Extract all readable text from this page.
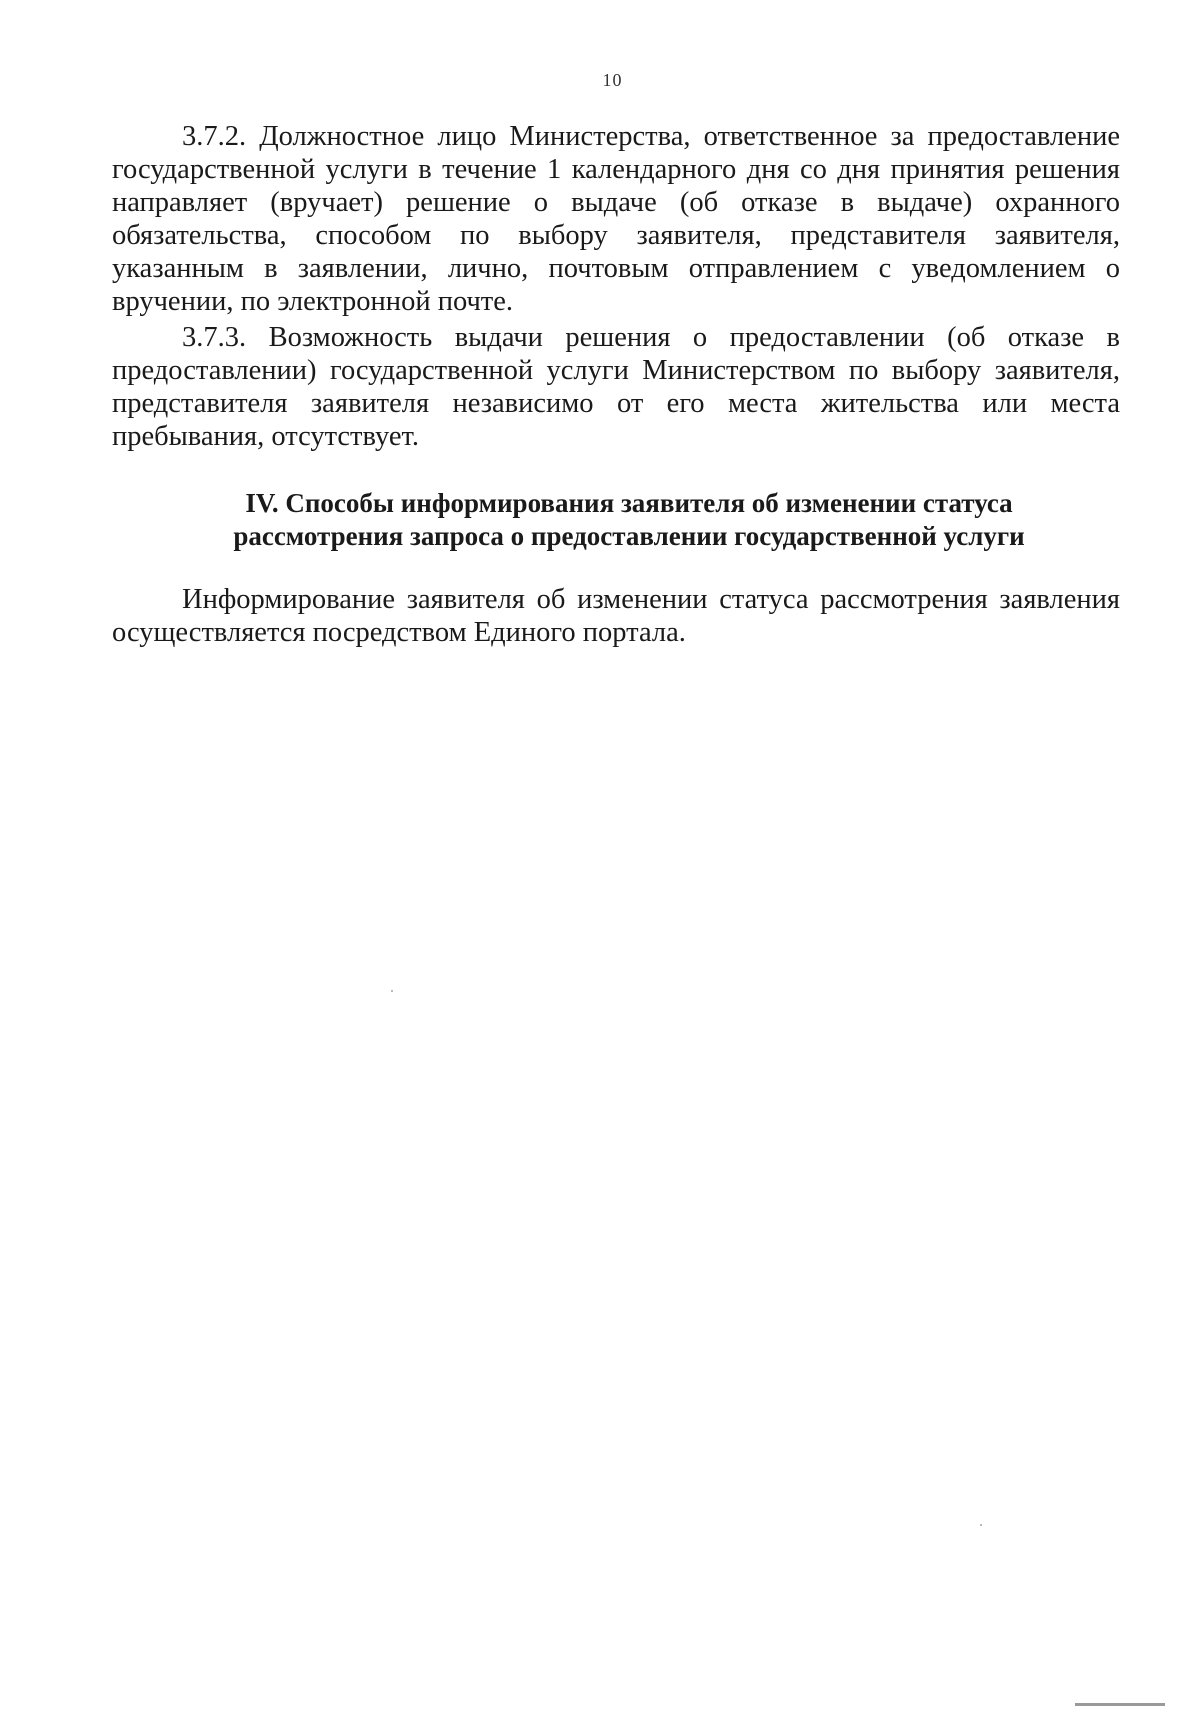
10

3.7.2. Должностное лицо Министерства, ответственное за предоставление государственной услуги в течение 1 календарного дня со дня принятия решения направляет (вручает) решение о выдаче (об отказе в выдаче) охранного обязательства, способом по выбору заявителя, представителя заявителя, указанным в заявлении, лично, почтовым отправлением с уведомлением о вручении, по электронной почте.

3.7.3. Возможность выдачи решения о предоставлении (об отказе в предоставлении) государственной услуги Министерством по выбору заявителя, представителя заявителя независимо от его места жительства или места пребывания, отсутствует.

IV. Способы информирования заявителя об изменении статуса
рассмотрения запроса о предоставлении государственной услуги

Информирование заявителя об изменении статуса рассмотрения заявления осуществляется посредством Единого портала.
